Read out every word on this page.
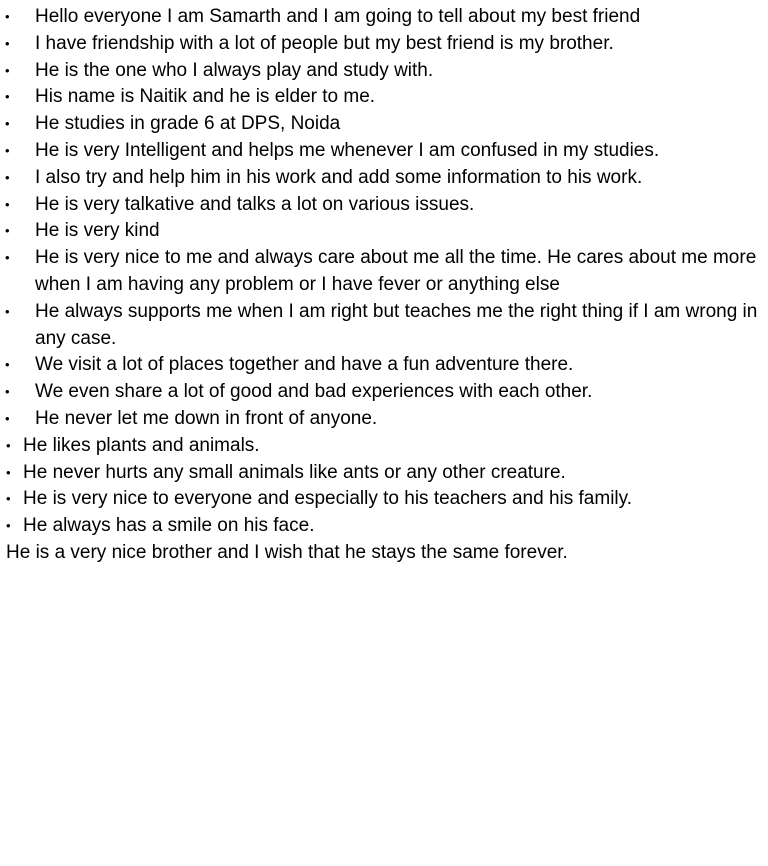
•	Hello everyone I am Samarth and I am going to tell about my best friend
•	I have friendship with a lot of people but my best friend is my brother.
•	He is the one who I always play and study with.
•	His name is Naitik and he is elder to me.
•	He studies in grade 6 at DPS, Noida
•	He is very Intelligent and helps me whenever I am confused in my studies.
•	I also try and help him in his work and add some information to his work.
•	He is very talkative and talks a lot on various issues.
•	He is very kind
•	He is very nice to me and always care about me all the time. He cares about me more when I am having any problem or I have fever or anything else
•	He always supports me when I am right but teaches me the right thing if I am wrong in any case.
•	We visit a lot of places together and have a fun adventure there.
•	We even share a lot of good and bad experiences with each other.
•	He never let me down in front of anyone.
• He likes plants and animals.
• He never hurts any small animals like ants or any other creature.
• He is very nice to everyone and especially to his teachers and his family.
• He always has a smile on his face.

He is a very nice brother and I wish that he stays the same forever.
